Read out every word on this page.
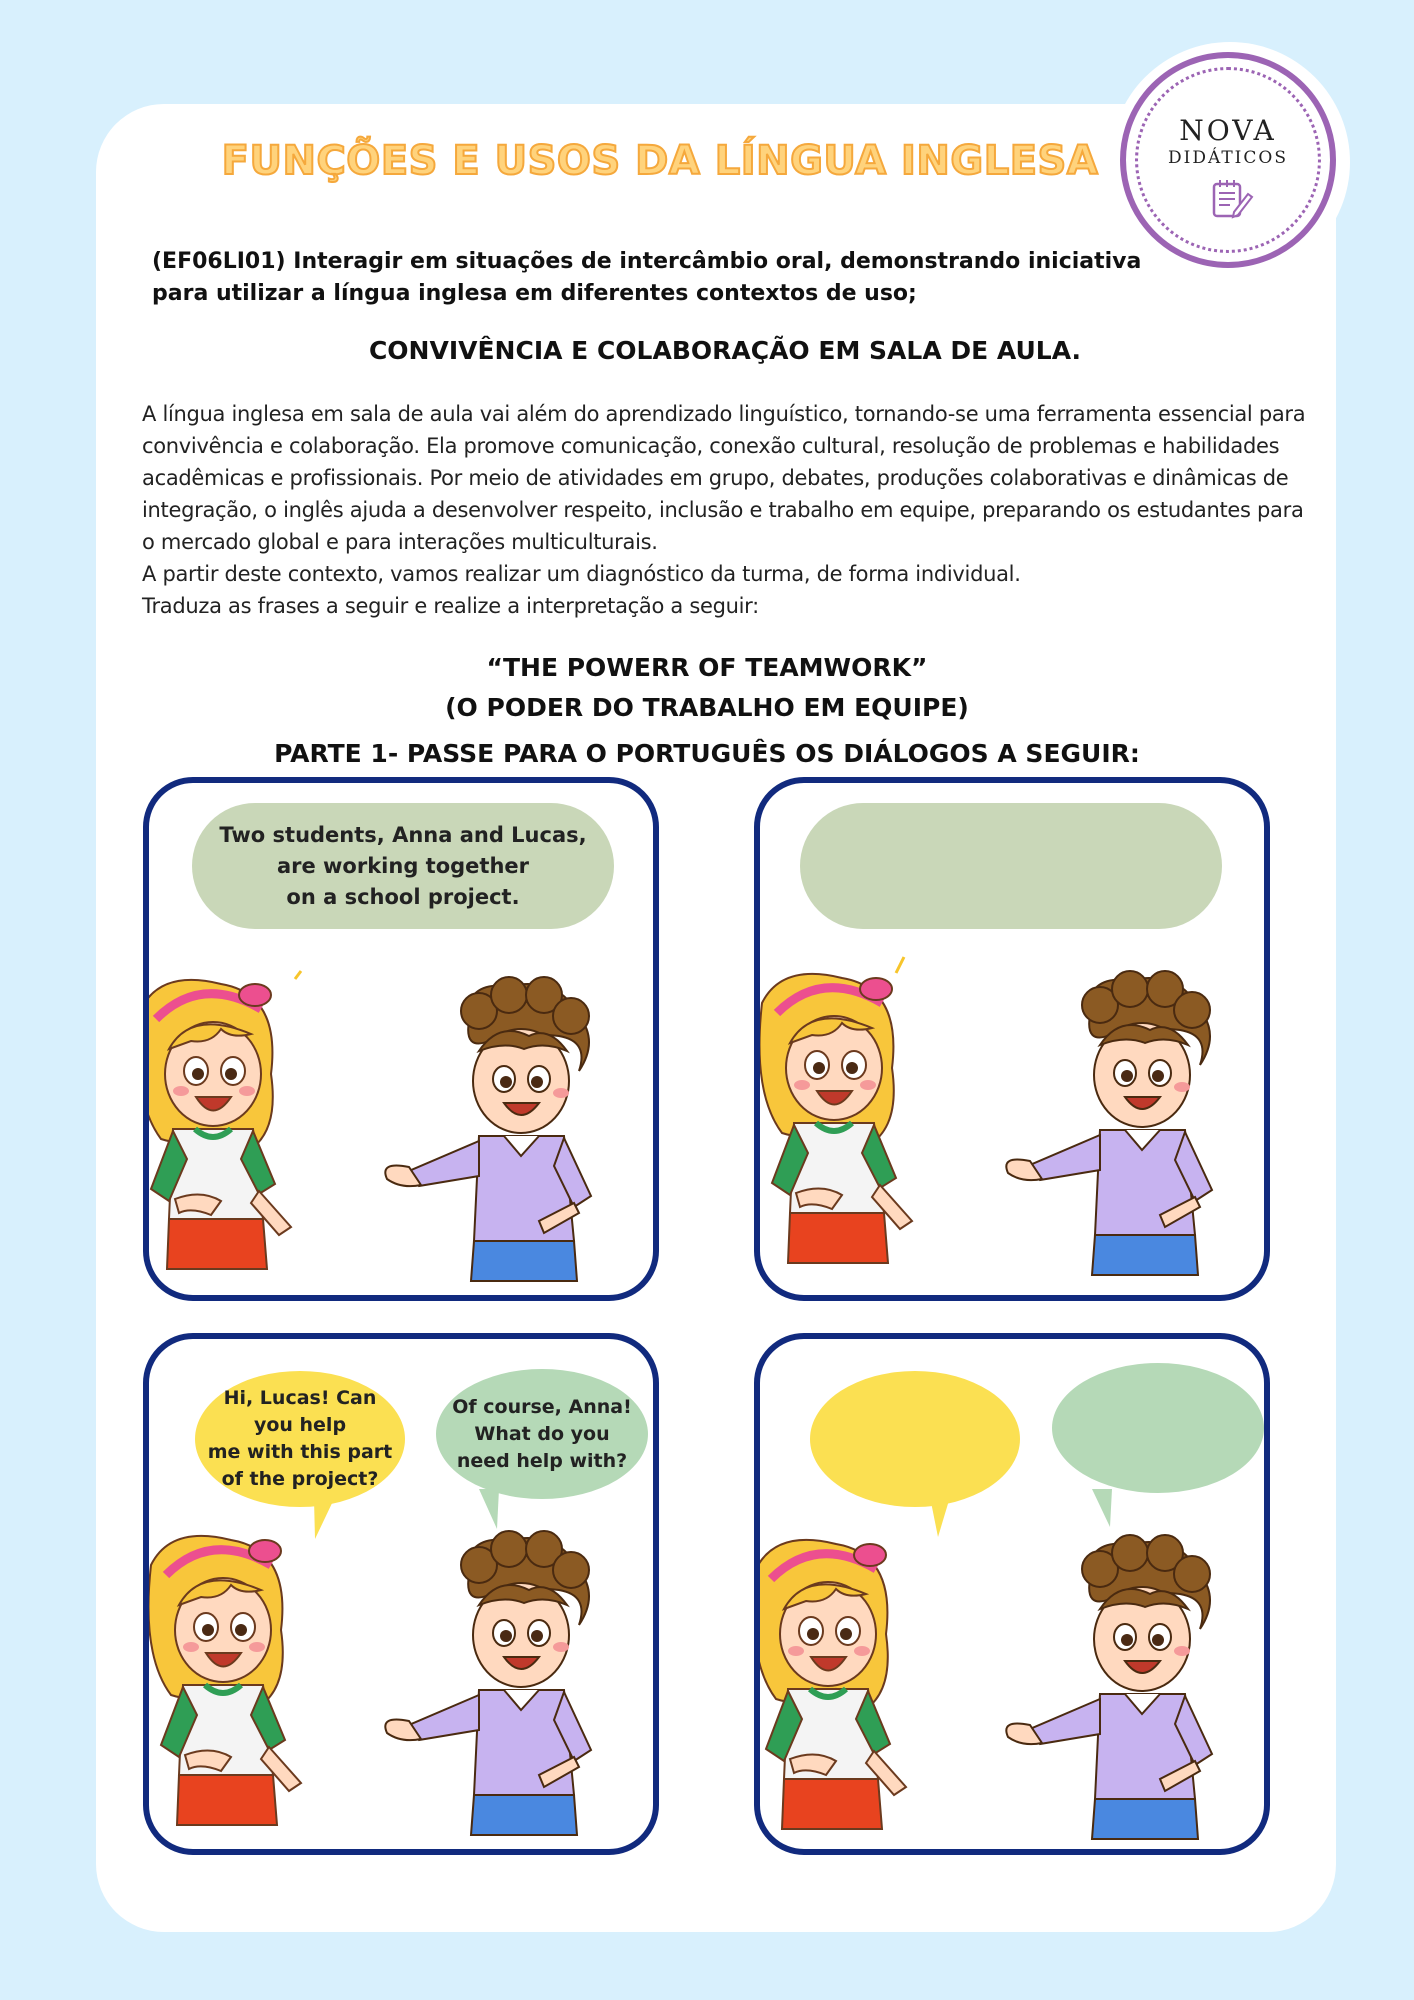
NOVA
DIDÁTICOS
FUNÇÕES E USOS DA LÍNGUA INGLESA
(EF06LI01) Interagir em situações de intercâmbio oral, demonstrando iniciativa para utilizar a língua inglesa em diferentes contextos de uso;
CONVIVÊNCIA E COLABORAÇÃO EM SALA DE AULA.

A língua inglesa em sala de aula vai além do aprendizado linguístico, tornando-se uma ferramenta essencial para convivência e colaboração. Ela promove comunicação, conexão cultural, resolução de problemas e habilidades acadêmicas e profissionais. Por meio de atividades em grupo, debates, produções colaborativas e dinâmicas de integração, o inglês ajuda a desenvolver respeito, inclusão e trabalho em equipe, preparando os estudantes para o mercado global e para interações multiculturais.

A partir deste contexto, vamos realizar um diagnóstico da turma, de forma individual.

Traduza as frases a seguir e realize a interpretação a seguir:

“THE POWERR OF TEAMWORK”
(O PODER DO TRABALHO EM EQUIPE)
PARTE 1- PASSE PARA O PORTUGUÊS OS DIÁLOGOS A SEGUIR:
Two students, Anna and Lucas,
are working together
on a school project.
Hi, Lucas! Can
you help
me with this part
of the project?
Of course, Anna!
What do you
need help with?
